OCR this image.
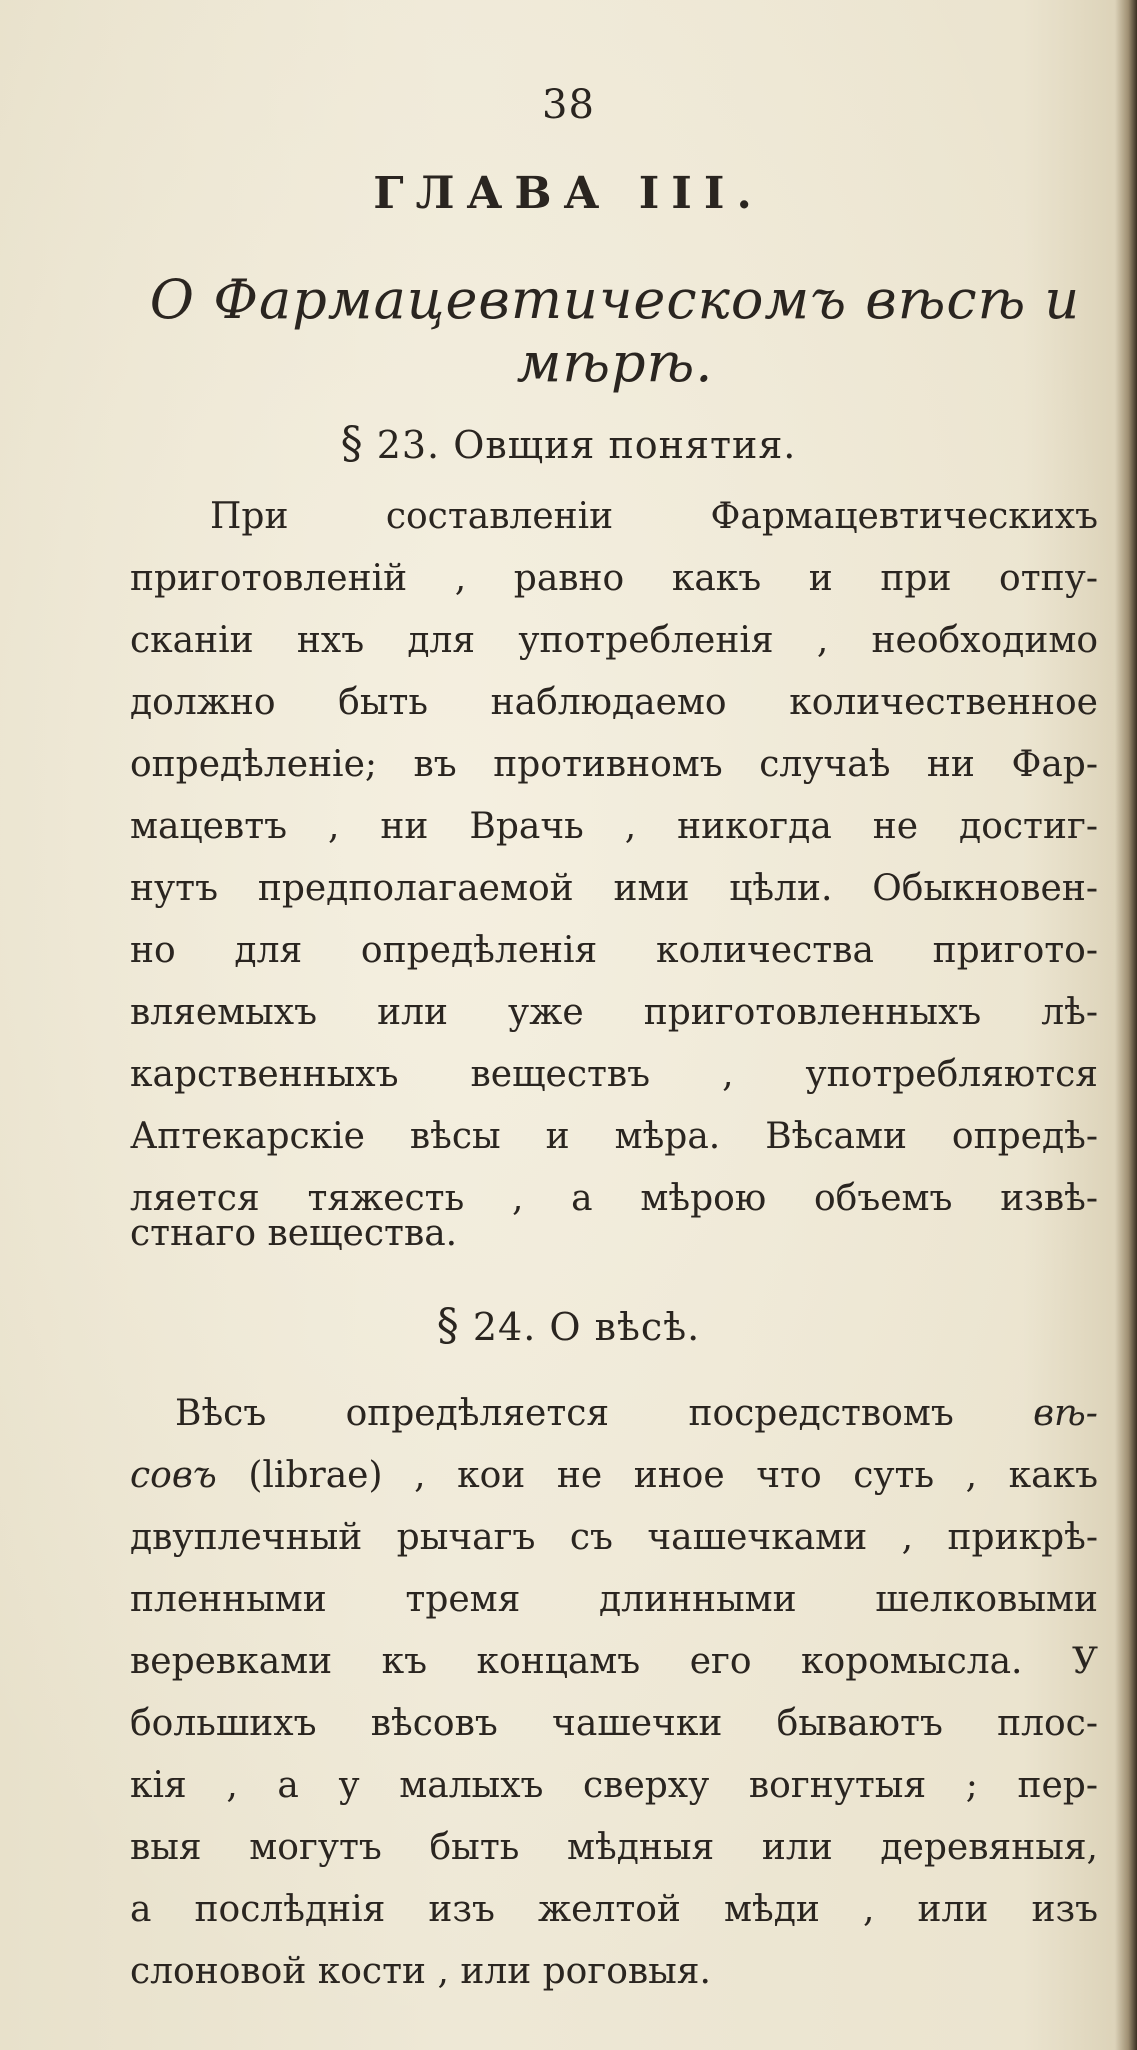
38
ГЛАВА III.
О Фармацевтическомъ вѣсѣ и мѣрѣ.
§ 23. Овщия понятия.
При составленіи Фармацевтическихъ
приготовленій , равно какъ и при отпу-
сканіи нхъ для употребленія , необходимо
должно быть наблюдаемо количественное
опредѣленіе; въ противномъ случаѣ ни Фар-
мацевтъ , ни Врачь , никогда не достиг-
нутъ предполагаемой ими цѣли. Обыкновен-
но для опредѣленія количества пригото-
вляемыхъ или уже приготовленныхъ лѣ-
карственныхъ веществъ , употребляются
Аптекарскіе вѣсы и мѣра. Вѣсами опредѣ-
ляется тяжесть , а мѣрою объемъ извѣ-
стнаго вещества.
§ 24. О вѣсѣ.
Вѣсъ опредѣляется посредствомъ вѣ-
совъ (librae) , кои не иное что суть , какъ
двуплечный рычагъ съ чашечками , прикрѣ-
пленными тремя длинными шелковыми
веревками къ концамъ его коромысла. У
большихъ вѣсовъ чашечки бываютъ плос-
кія , а у малыхъ сверху вогнутыя ; пер-
выя могутъ быть мѣдныя или деревяныя,
а послѣднія изъ желтой мѣди , или изъ
слоновой кости , или роговыя.
